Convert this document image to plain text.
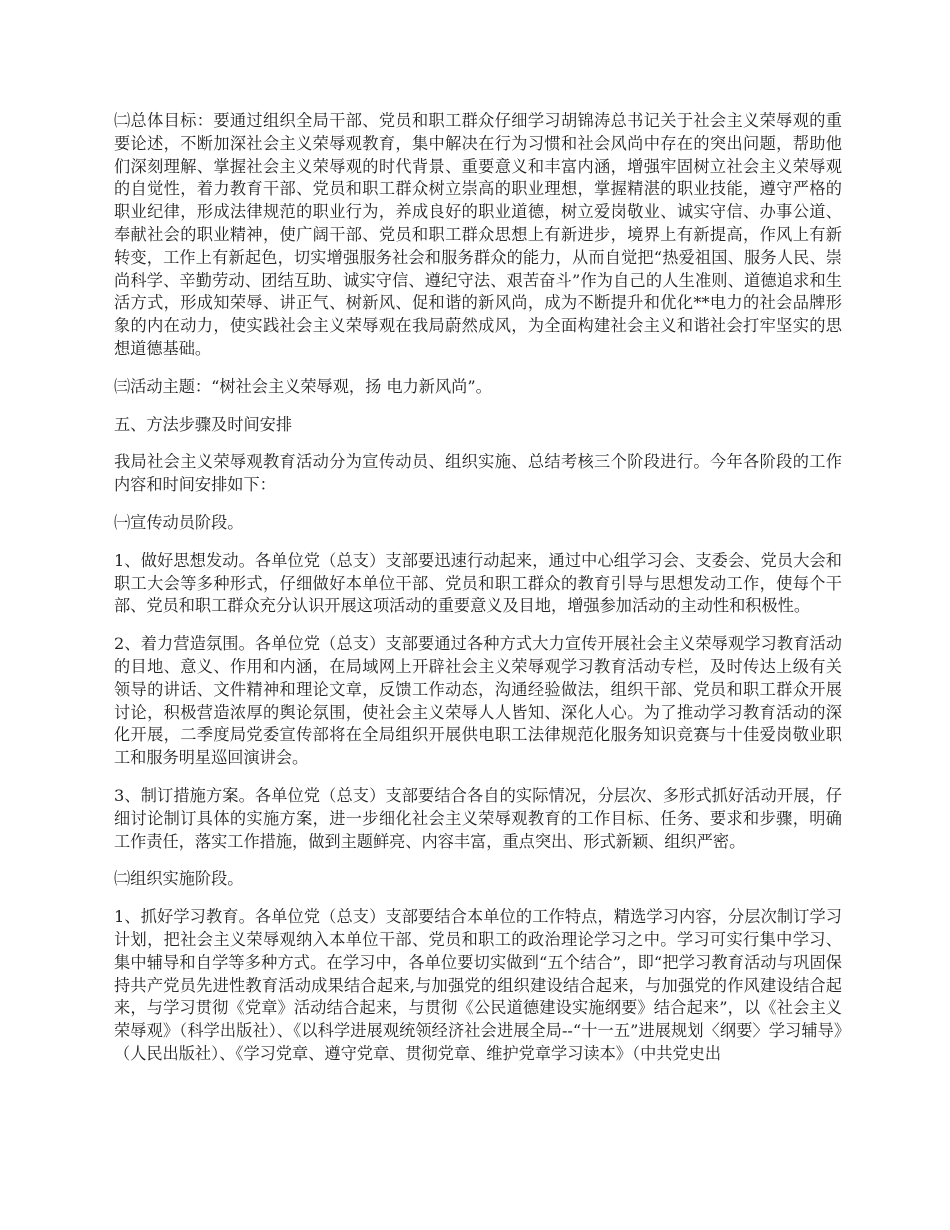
㈡总体目标：要通过组织全局干部、党员和职工群众仔细学习胡锦涛总书记关于社会主义荣辱观的重要论述，不断加深社会主义荣辱观教育，集中解决在行为习惯和社会风尚中存在的突出问题，帮助他们深刻理解、掌握社会主义荣辱观的时代背景、重要意义和丰富内涵，增强牢固树立社会主义荣辱观的自觉性，着力教育干部、党员和职工群众树立崇高的职业理想，掌握精湛的职业技能，遵守严格的职业纪律，形成法律规范的职业行为，养成良好的职业道德，树立爱岗敬业、诚实守信、办事公道、奉献社会的职业精神，使广阔干部、党员和职工群众思想上有新进步，境界上有新提高，作风上有新转变，工作上有新起色，切实增强服务社会和服务群众的能力，从而自觉把“热爱祖国、服务人民、崇尚科学、辛勤劳动、团结互助、诚实守信、遵纪守法、艰苦奋斗”作为自己的人生准则、道德追求和生活方式，形成知荣辱、讲正气、树新风、促和谐的新风尚，成为不断提升和优化**电力的社会品牌形象的内在动力，使实践社会主义荣辱观在我局蔚然成风，为全面构建社会主义和谐社会打牢坚实的思想道德基础。

㈢活动主题：“树社会主义荣辱观，扬 电力新风尚”。

五、方法步骤及时间安排

我局社会主义荣辱观教育活动分为宣传动员、组织实施、总结考核三个阶段进行。今年各阶段的工作内容和时间安排如下：

㈠宣传动员阶段。

1、做好思想发动。各单位党（总支）支部要迅速行动起来，通过中心组学习会、支委会、党员大会和职工大会等多种形式，仔细做好本单位干部、党员和职工群众的教育引导与思想发动工作，使每个干部、党员和职工群众充分认识开展这项活动的重要意义及目地，增强参加活动的主动性和积极性。

2、着力营造氛围。各单位党（总支）支部要通过各种方式大力宣传开展社会主义荣辱观学习教育活动的目地、意义、作用和内涵，在局域网上开辟社会主义荣辱观学习教育活动专栏，及时传达上级有关领导的讲话、文件精神和理论文章，反馈工作动态，沟通经验做法，组织干部、党员和职工群众开展讨论，积极营造浓厚的舆论氛围，使社会主义荣辱人人皆知、深化人心。为了推动学习教育活动的深化开展，二季度局党委宣传部将在全局组织开展供电职工法律规范化服务知识竞赛与十佳爱岗敬业职工和服务明星巡回演讲会。

3、制订措施方案。各单位党（总支）支部要结合各自的实际情况，分层次、多形式抓好活动开展，仔细讨论制订具体的实施方案，进一步细化社会主义荣辱观教育的工作目标、任务、要求和步骤，明确工作责任，落实工作措施，做到主题鲜亮、内容丰富，重点突出、形式新颖、组织严密。

㈡组织实施阶段。

1、抓好学习教育。各单位党（总支）支部要结合本单位的工作特点，精选学习内容，分层次制订学习计划，把社会主义荣辱观纳入本单位干部、党员和职工的政治理论学习之中。学习可实行集中学习、集中辅导和自学等多种方式。在学习中，各单位要切实做到“五个结合”，即“把学习教育活动与巩固保持共产党员先进性教育活动成果结合起来,与加强党的组织建设结合起来，与加强党的作风建设结合起来，与学习贯彻《党章》活动结合起来，与贯彻《公民道德建设实施纲要》结合起来”，以《社会主义荣辱观》（科学出版社）、《以科学进展观统领经济社会进展全局--“十一五”进展规划〈纲要〉学习辅导》（人民出版社）、《学习党章、遵守党章、贯彻党章、维护党章学习读本》（中共党史出
